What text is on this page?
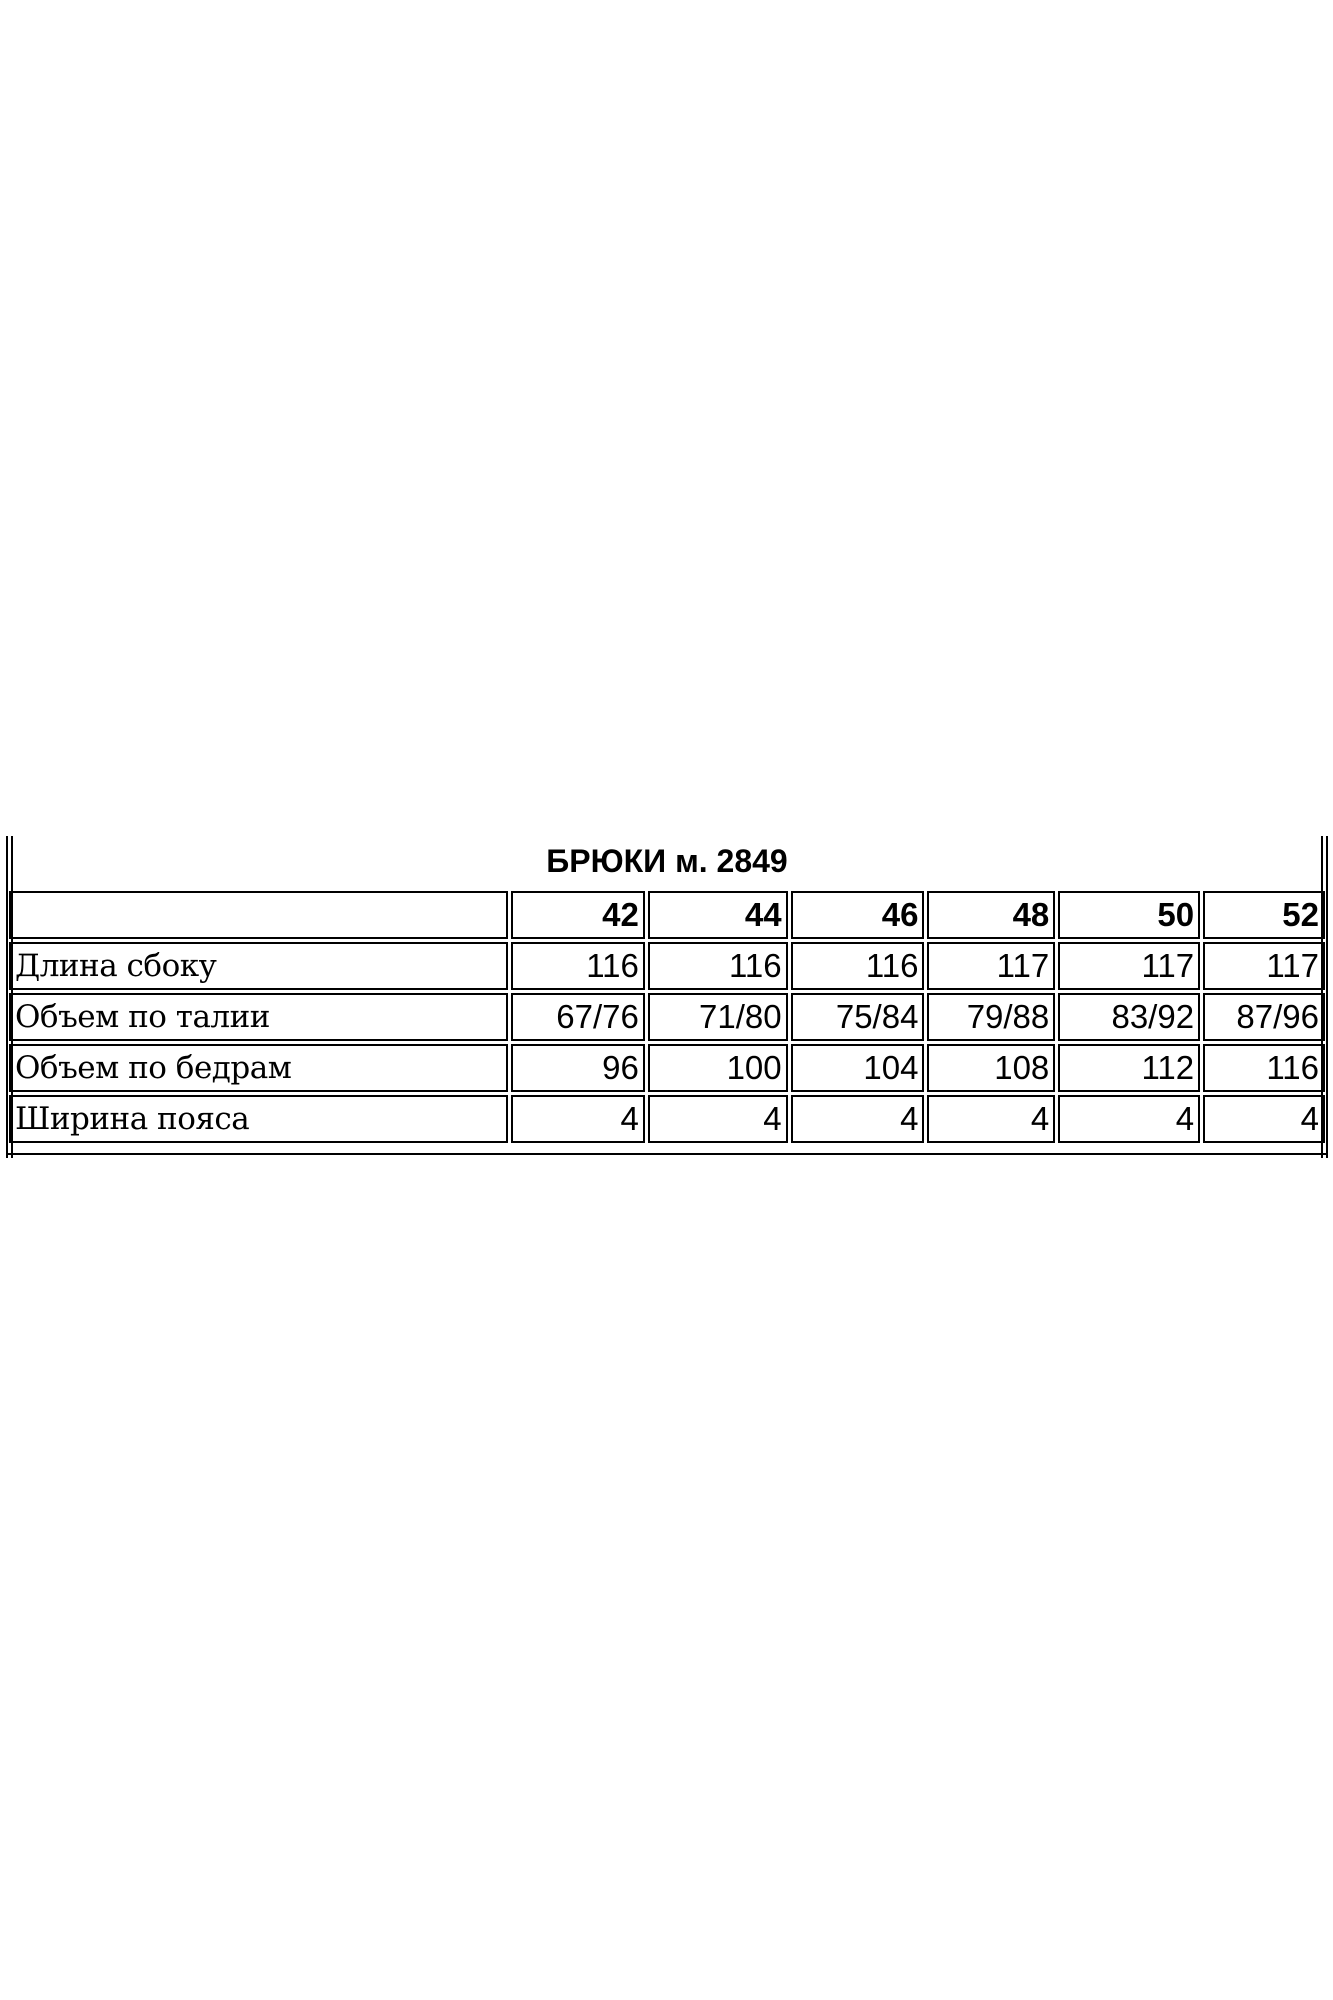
БРЮКИ м. 2849
	42	44	46	48	50	52
Длина сбоку	116	116	116	117	117	117
Объем по талии	67/76	71/80	75/84	79/88	83/92	87/96
Объем по бедрам	96	100	104	108	112	116
Ширина пояса	4	4	4	4	4	4
